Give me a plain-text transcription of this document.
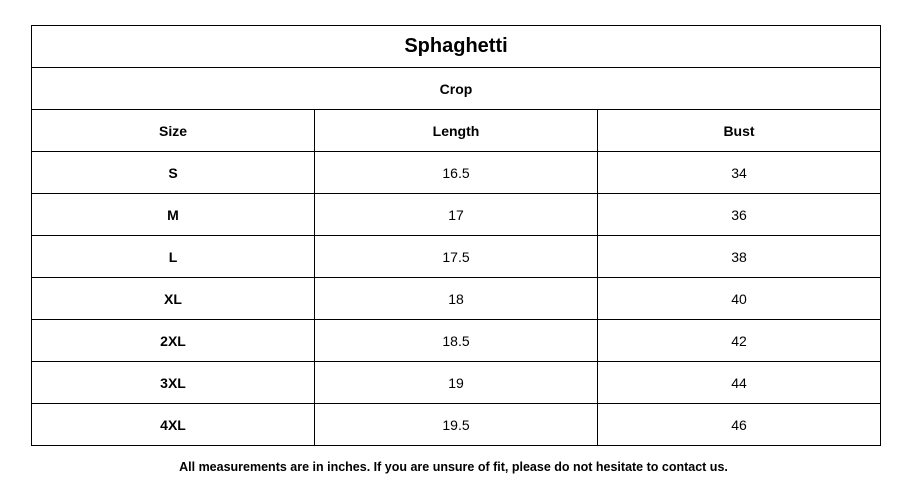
Sphaghetti		
Crop		
Size	Length	Bust
S	16.5	34
M	17	36
L	17.5	38
XL	18	40
2XL	18.5	42
3XL	19	44
4XL	19.5	46
All measurements are in inches. If you are unsure of fit, please do not hesitate to contact us.
